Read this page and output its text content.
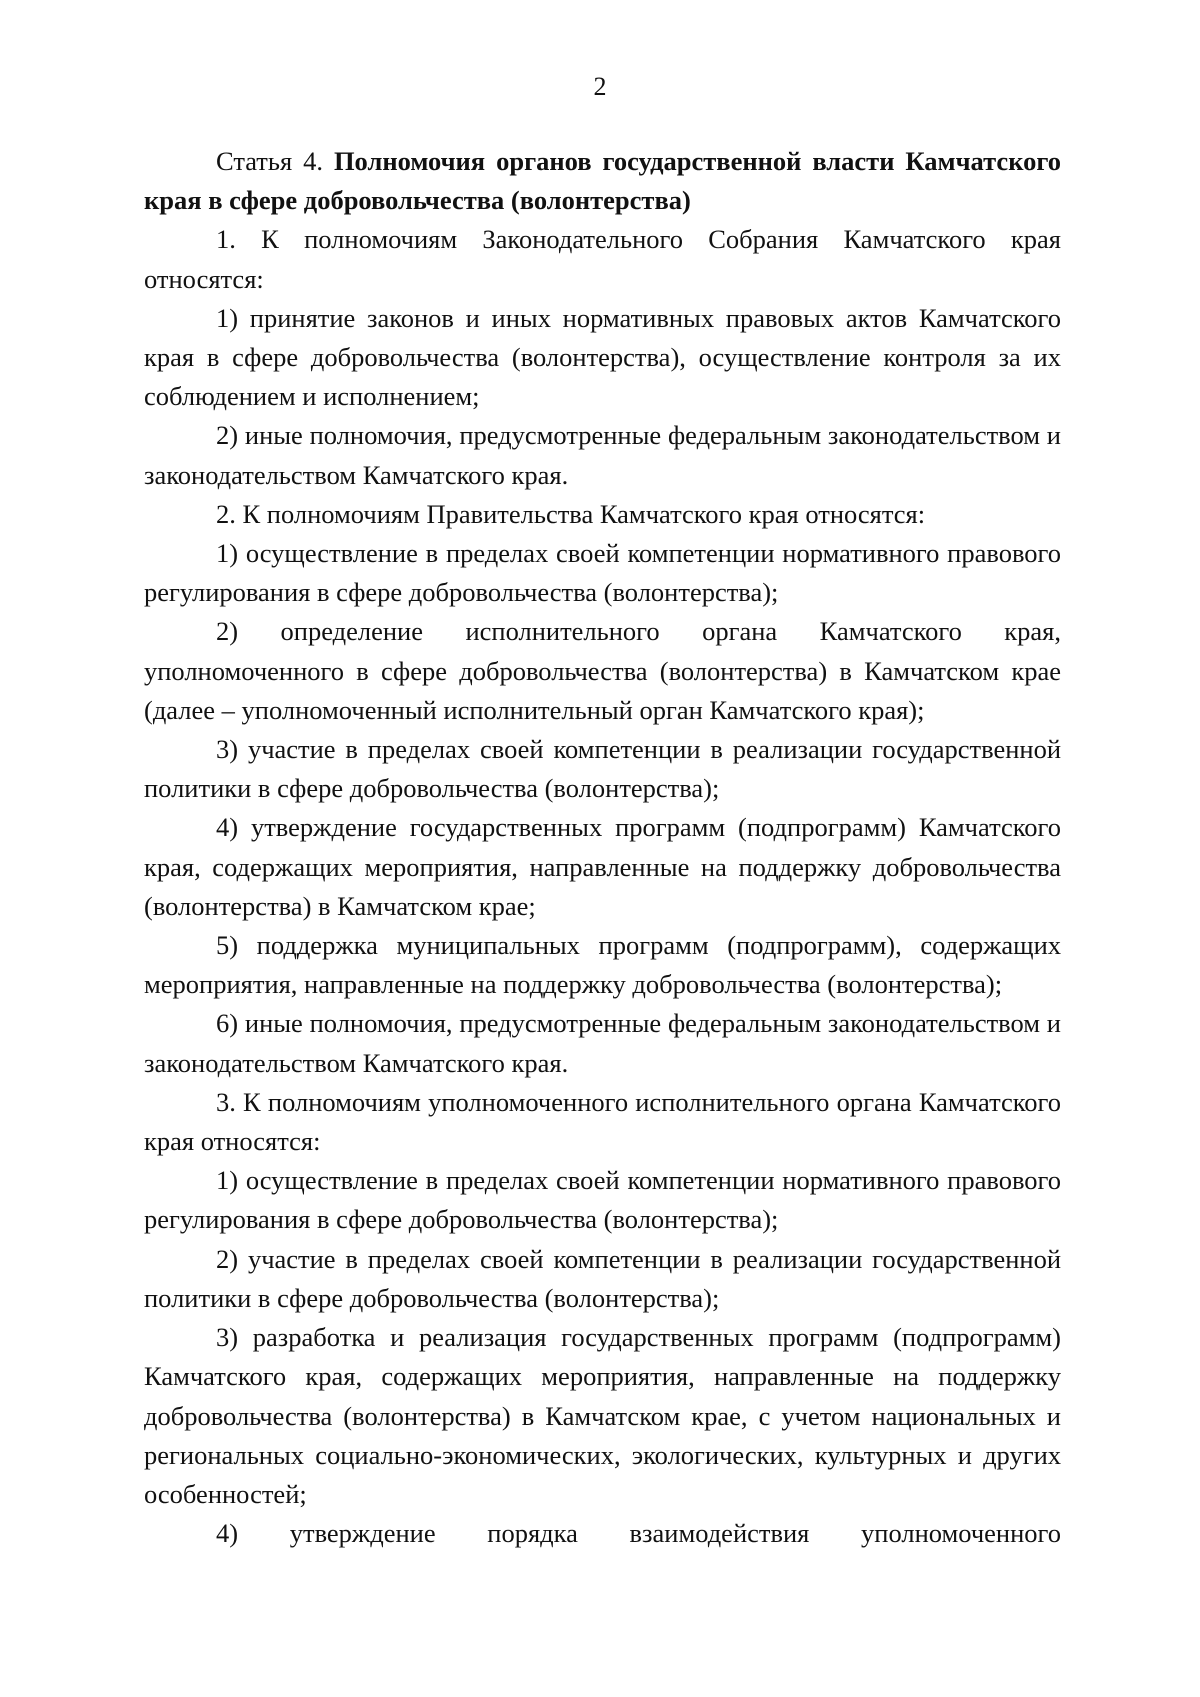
2

Статья 4. Полномочия органов государственной власти Камчатского края в сфере добровольчества (волонтерства)

1. К полномочиям Законодательного Собрания Камчатского края относятся:

1) принятие законов и иных нормативных правовых актов Камчатского края в сфере добровольчества (волонтерства), осуществление контроля за их соблюдением и исполнением;

2) иные полномочия, предусмотренные федеральным законодательством и законодательством Камчатского края.

2. К полномочиям Правительства Камчатского края относятся:

1) осуществление в пределах своей компетенции нормативного правового регулирования в сфере добровольчества (волонтерства);

2) определение исполнительного органа Камчатского края, уполномоченного в сфере добровольчества (волонтерства) в Камчатском крае (далее – уполномоченный исполнительный орган Камчатского края);

3) участие в пределах своей компетенции в реализации государственной политики в сфере добровольчества (волонтерства);

4) утверждение государственных программ (подпрограмм) Камчатского края, содержащих мероприятия, направленные на поддержку добровольчества (волонтерства) в Камчатском крае;

5) поддержка муниципальных программ (подпрограмм), содержащих мероприятия, направленные на поддержку добровольчества (волонтерства);

6) иные полномочия, предусмотренные федеральным законодательством и законодательством Камчатского края.

3. К полномочиям уполномоченного исполнительного органа Камчатского края относятся:

1) осуществление в пределах своей компетенции нормативного правового регулирования в сфере добровольчества (волонтерства);

2) участие в пределах своей компетенции в реализации государственной политики в сфере добровольчества (волонтерства);

3) разработка и реализация государственных программ (подпрограмм) Камчатского края, содержащих мероприятия, направленные на поддержку добровольчества (волонтерства) в Камчатском крае, с учетом национальных и региональных социально-экономических, экологических, культурных и других особенностей;

4) утверждение порядка взаимодействия уполномоченного
